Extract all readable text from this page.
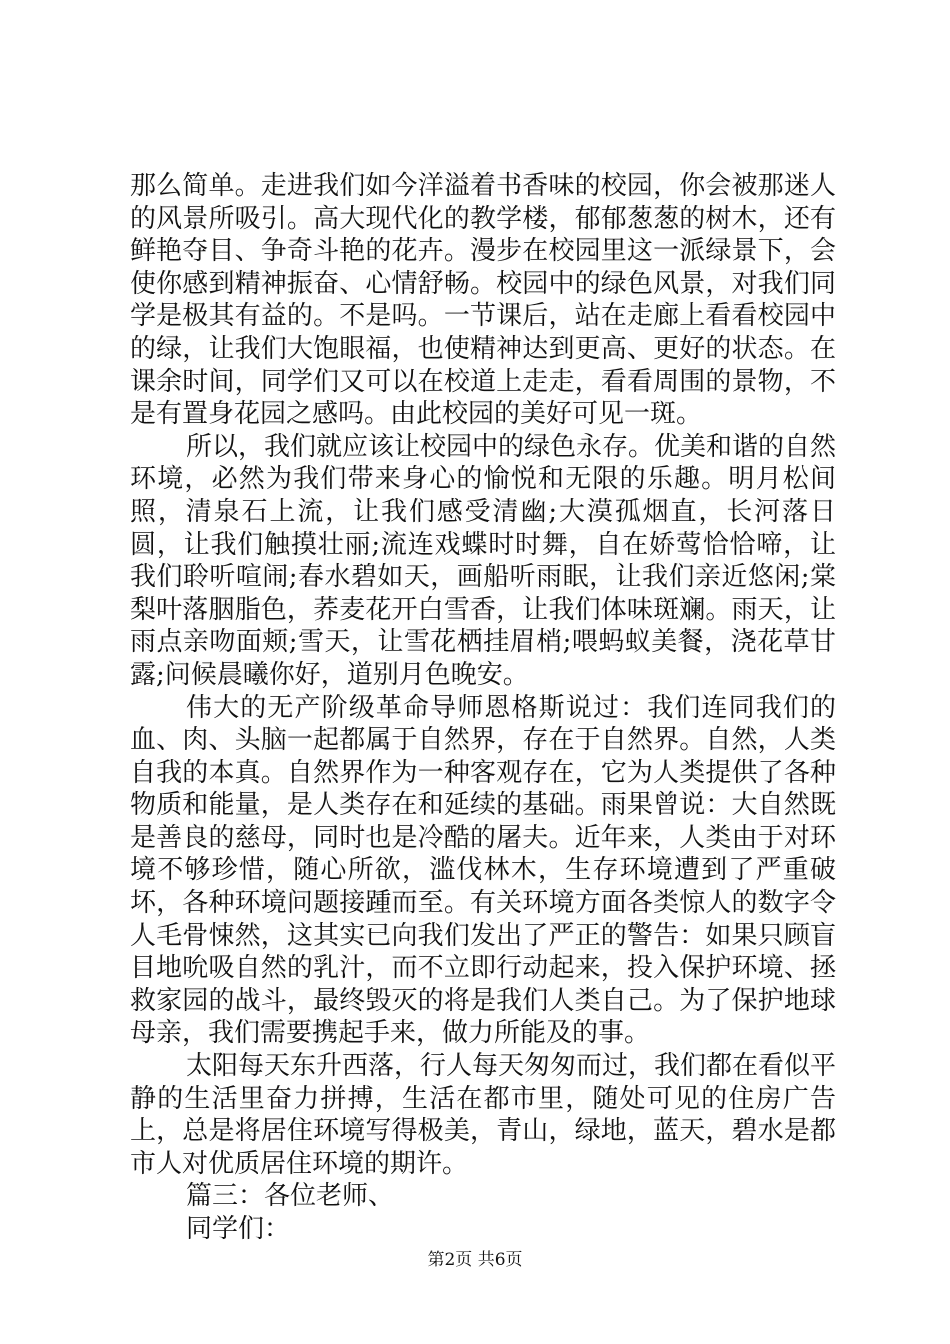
那么简单。走进我们如今洋溢着书香味的校园，你会被那迷人的风景所吸引。高大现代化的教学楼，郁郁葱葱的树木，还有鲜艳夺目、争奇斗艳的花卉。漫步在校园里这一派绿景下，会使你感到精神振奋、心情舒畅。校园中的绿色风景，对我们同学是极其有益的。不是吗。一节课后，站在走廊上看看校园中的绿，让我们大饱眼福，也使精神达到更高、更好的状态。在课余时间，同学们又可以在校道上走走，看看周围的景物，不是有置身花园之感吗。由此校园的美好可见一斑。

所以，我们就应该让校园中的绿色永存。优美和谐的自然环境，必然为我们带来身心的愉悦和无限的乐趣。明月松间照，清泉石上流，让我们感受清幽;大漠孤烟直，长河落日圆，让我们触摸壮丽;流连戏蝶时时舞，自在娇莺恰恰啼，让我们聆听喧闹;春水碧如天，画船听雨眠，让我们亲近悠闲;棠梨叶落胭脂色，荞麦花开白雪香，让我们体味斑斓。雨天，让雨点亲吻面颊;雪天，让雪花栖挂眉梢;喂蚂蚁美餐，浇花草甘露;问候晨曦你好，道别月色晚安。

伟大的无产阶级革命导师恩格斯说过：我们连同我们的血、肉、头脑一起都属于自然界，存在于自然界。自然，人类自我的本真。自然界作为一种客观存在，它为人类提供了各种物质和能量，是人类存在和延续的基础。雨果曾说：大自然既是善良的慈母，同时也是冷酷的屠夫。近年来，人类由于对环境不够珍惜，随心所欲，滥伐林木，生存环境遭到了严重破坏，各种环境问题接踵而至。有关环境方面各类惊人的数字令人毛骨悚然，这其实已向我们发出了严正的警告：如果只顾盲目地吮吸自然的乳汁，而不立即行动起来，投入保护环境、拯救家园的战斗，最终毁灭的将是我们人类自己。为了保护地球母亲，我们需要携起手来，做力所能及的事。

太阳每天东升西落，行人每天匆匆而过，我们都在看似平静的生活里奋力拼搏，生活在都市里，随处可见的住房广告上，总是将居住环境写得极美，青山，绿地，蓝天，碧水是都市人对优质居住环境的期许。

篇三：各位老师、

同学们：

第2页 共6页
